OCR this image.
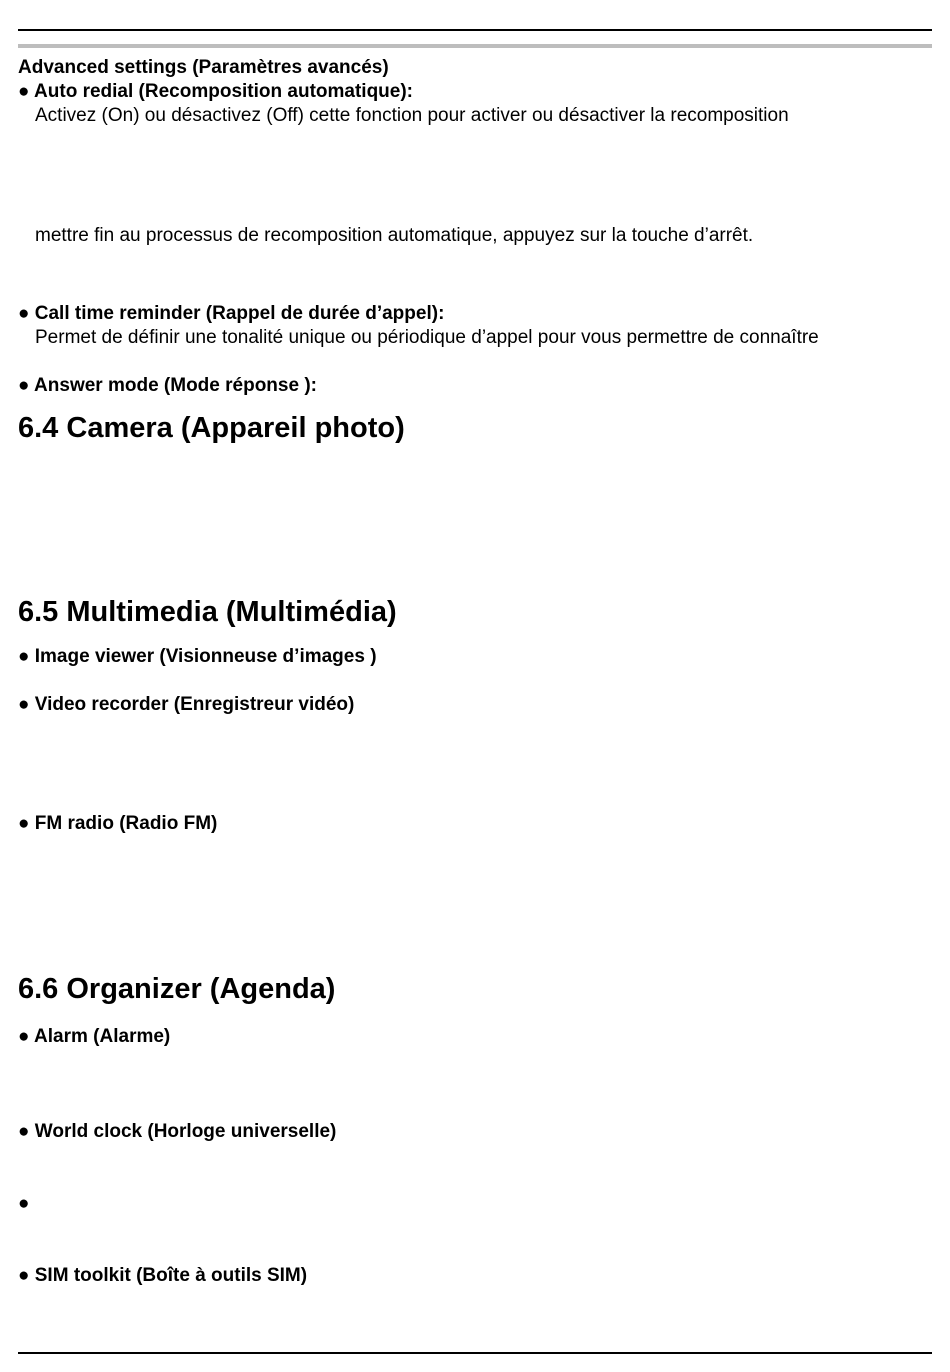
Advanced settings (Paramètres avancés)
● Auto redial (Recomposition automatique):
Activez (On) ou désactivez (Off) cette fonction pour activer ou désactiver la recomposition
mettre fin au processus de recomposition automatique, appuyez sur la touche d’arrêt.
● Call time reminder (Rappel de durée d’appel):
Permet de définir une tonalité unique ou périodique d’appel pour vous permettre de connaître
● Answer mode (Mode réponse ):
6.4 Camera (Appareil photo)
6.5 Multimedia (Multimédia)
● Image viewer (Visionneuse d’images )
● Video recorder (Enregistreur vidéo)
● FM radio (Radio FM)
6.6 Organizer (Agenda)
● Alarm (Alarme)
● World clock (Horloge universelle)
●
● SIM toolkit (Boîte à outils SIM)
